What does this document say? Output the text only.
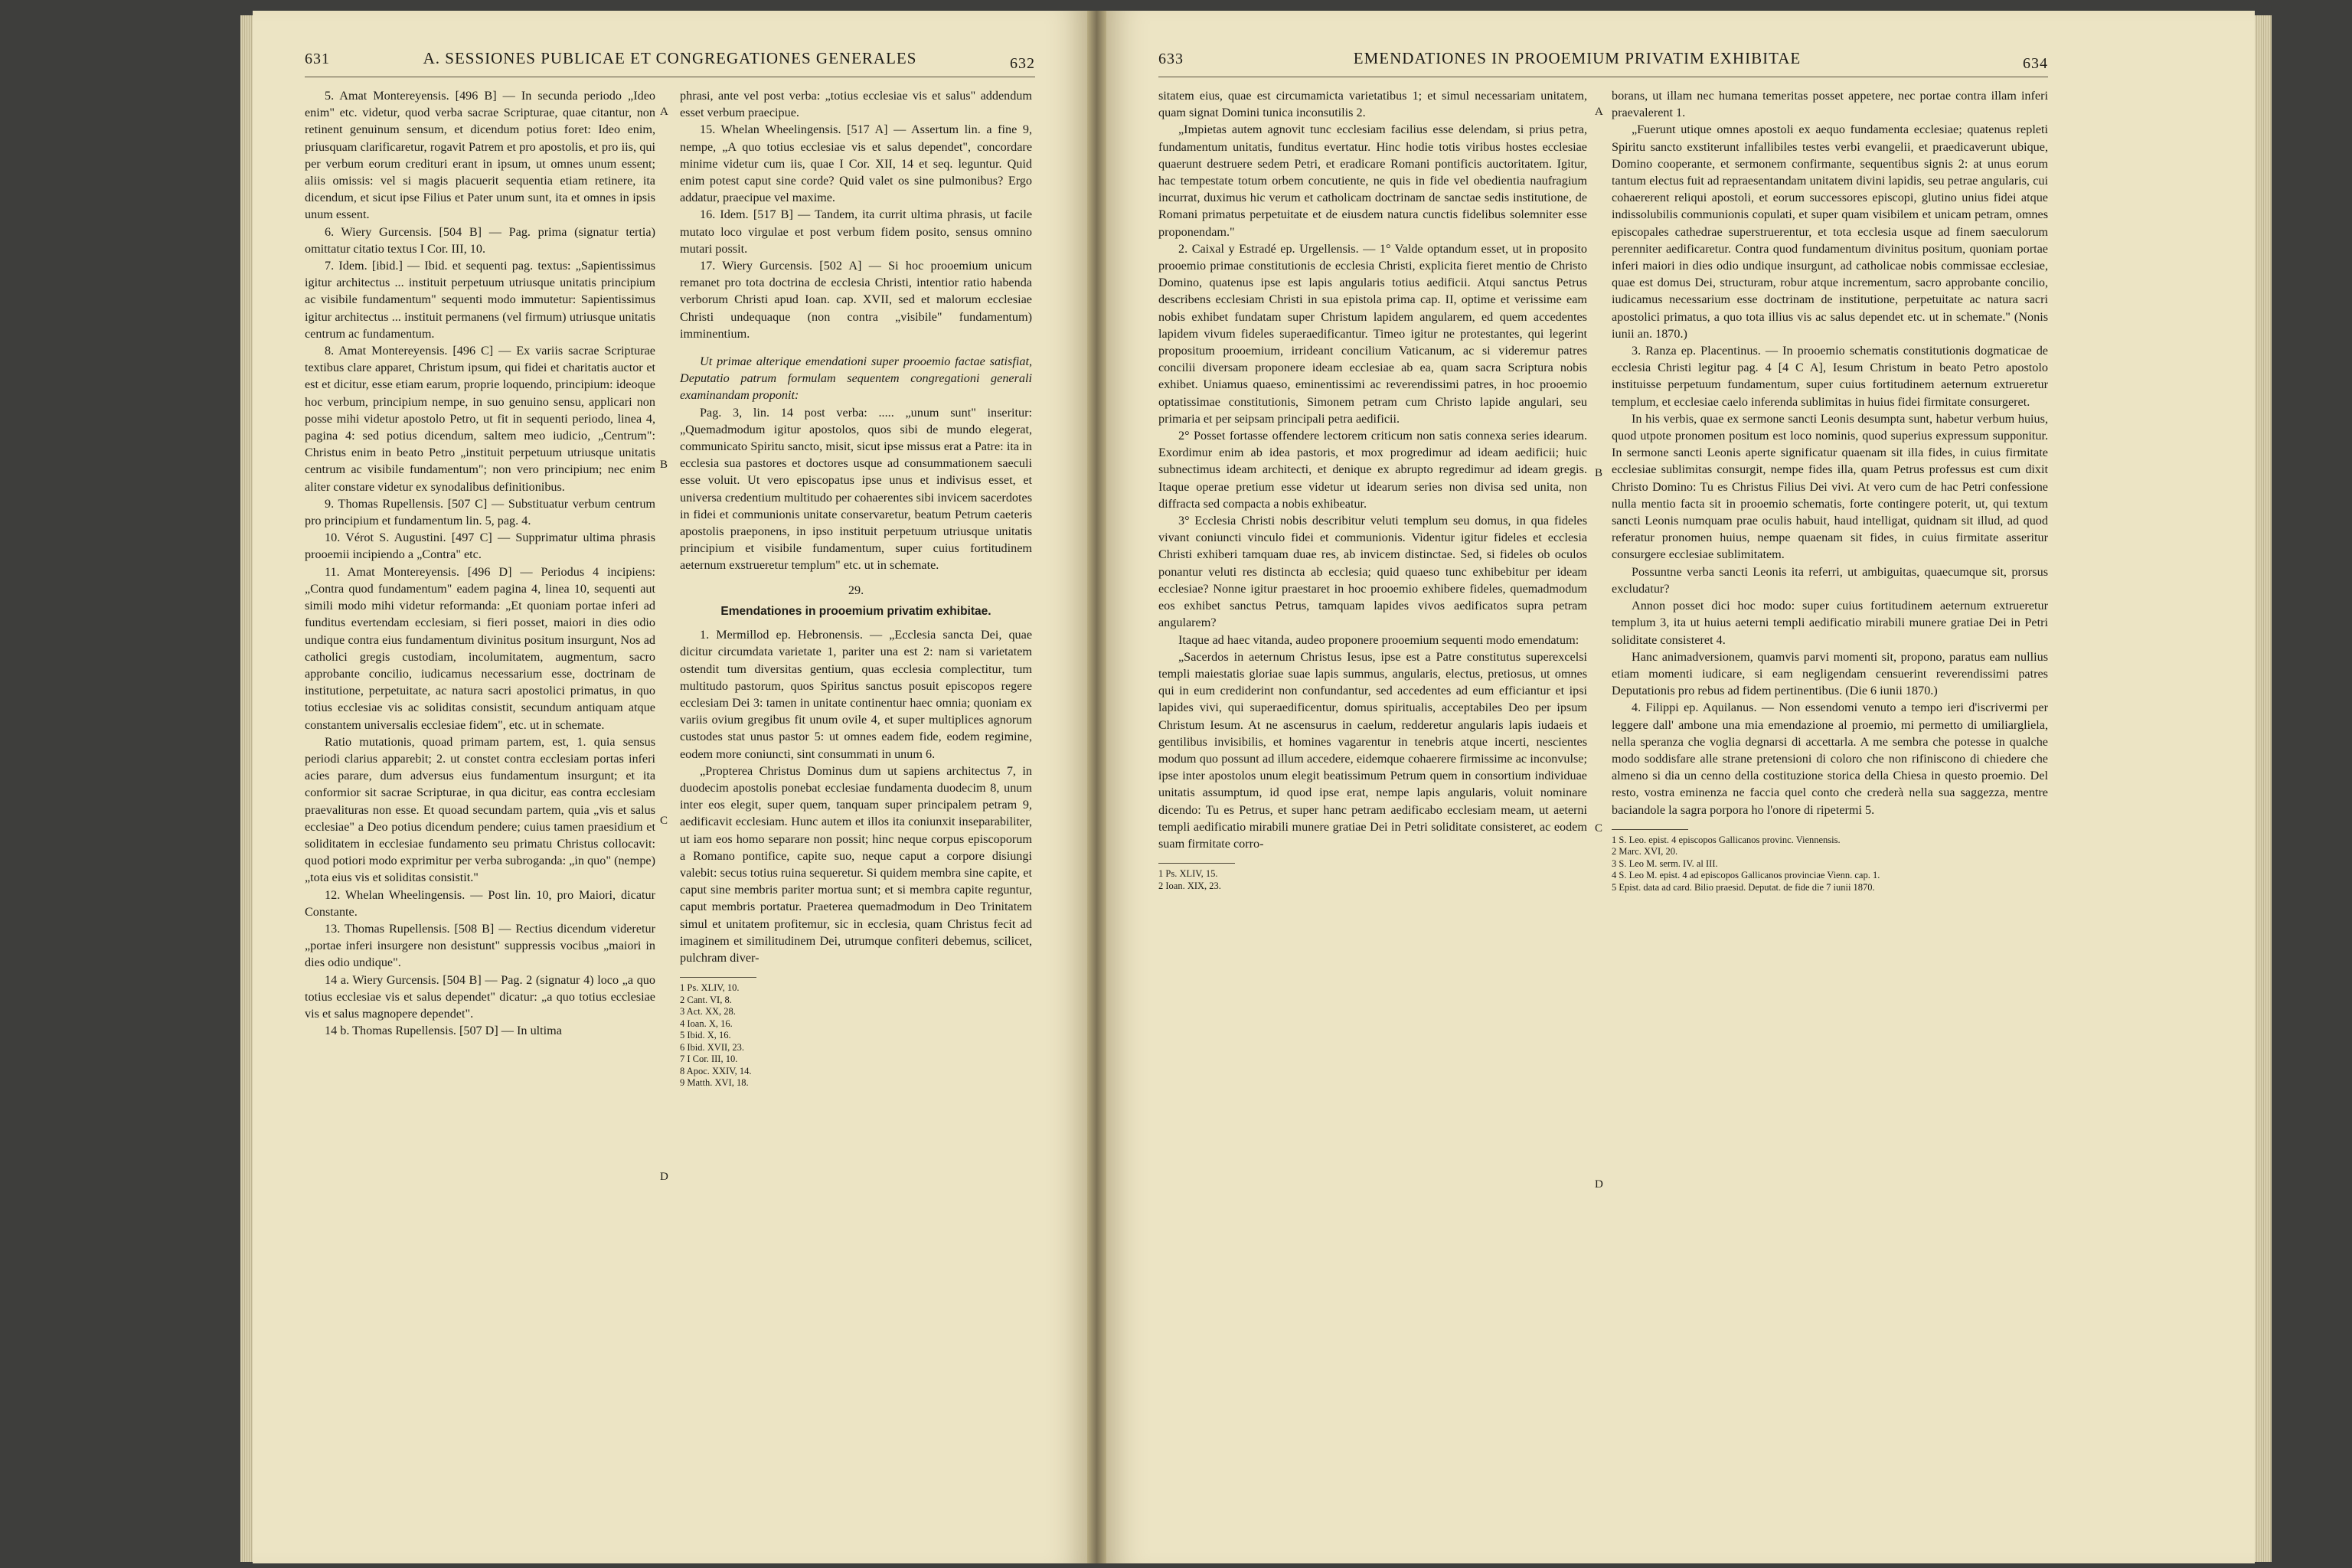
631	A. SESSIONES PUBLICAE ET CONGREGATIONES GENERALES	632

5. Amat Montereyensis. [496 B] — In secunda periodo „Ideo enim" etc. videtur, quod verba sacrae Scripturae, quae citantur, non retinent genuinum sensum, et dicendum potius foret: Ideo enim, priusquam clarificaretur, rogavit Patrem et pro apostolis, et pro iis, qui per verbum eorum credituri erant in ipsum, ut omnes unum essent; aliis omissis: vel si magis placuerit sequentia etiam retinere, ita dicendum, et sicut ipse Filius et Pater unum sunt, ita et omnes in ipsis unum essent.

6. Wiery Gurcensis. [504 B] — Pag. prima (signatur tertia) omittatur citatio textus I Cor. III, 10.

7. Idem. [ibid.] — Ibid. et sequenti pag. textus: „Sapientissimus igitur architectus ... instituit perpetuum utriusque unitatis principium ac visibile fundamentum" sequenti modo immutetur: Sapientissimus igitur architectus ... instituit permanens (vel firmum) utriusque unitatis centrum ac fundamentum.

8. Amat Montereyensis. [496 C] — Ex variis sacrae Scripturae textibus clare apparet, Christum ipsum, qui fidei et charitatis auctor et est et dicitur, esse etiam earum, proprie loquendo, principium: ideoque hoc verbum, principium nempe, in suo genuino sensu, applicari non posse mihi videtur apostolo Petro, ut fit in sequenti periodo, linea 4, pagina 4: sed potius dicendum, saltem meo iudicio, „Centrum": Christus enim in beato Petro „instituit perpetuum utriusque unitatis centrum ac visibile fundamentum"; non vero principium; nec enim aliter constare videtur ex synodalibus definitionibus.

9. Thomas Rupellensis. [507 C] — Substituatur verbum centrum pro principium et fundamentum lin. 5, pag. 4.

10. Vérot S. Augustini. [497 C] — Supprimatur ultima phrasis prooemii incipiendo a „Contra" etc.

11. Amat Montereyensis. [496 D] — Periodus 4 incipiens: „Contra quod fundamentum" eadem pagina 4, linea 10, sequenti aut simili modo mihi videtur reformanda: „Et quoniam portae inferi ad funditus evertendam ecclesiam, si fieri posset, maiori in dies odio undique contra eius fundamentum divinitus positum insurgunt, Nos ad catholici gregis custodiam, incolumitatem, augmentum, sacro approbante concilio, iudicamus necessarium esse, doctrinam de institutione, perpetuitate, ac natura sacri apostolici primatus, in quo totius ecclesiae vis ac soliditas consistit, secundum antiquam atque constantem universalis ecclesiae fidem", etc. ut in schemate.

Ratio mutationis, quoad primam partem, est, 1. quia sensus periodi clarius apparebit; 2. ut constet contra ecclesiam portas inferi acies parare, dum adversus eius fundamentum insurgunt; et ita conformior sit sacrae Scripturae, in qua dicitur, eas contra ecclesiam praevalituras non esse. Et quoad secundam partem, quia „vis et salus ecclesiae" a Deo potius dicendum pendere; cuius tamen praesidium et soliditatem in ecclesiae fundamento seu primatu Christus collocavit: quod potiori modo exprimitur per verba subroganda: „in quo" (nempe) „tota eius vis et soliditas consistit."

12. Whelan Wheelingensis. — Post lin. 10, pro Maiori, dicatur Constante.

13. Thomas Rupellensis. [508 B] — Rectius dicendum videretur „portae inferi insurgere non desistunt" suppressis vocibus „maiori in dies odio undique".

14 a. Wiery Gurcensis. [504 B] — Pag. 2 (signatur 4) loco „a quo totius ecclesiae vis et salus dependet" dicatur: „a quo totius ecclesiae vis et salus magnopere dependet".

14 b. Thomas Rupellensis. [507 D] — In ultima

phrasi, ante vel post verba: „totius ecclesiae vis et salus" addendum esset verbum praecipue.

15. Whelan Wheelingensis. [517 A] — Assertum lin. a fine 9, nempe, „A quo totius ecclesiae vis et salus dependet", concordare minime videtur cum iis, quae I Cor. XII, 14 et seq. leguntur. Quid enim potest caput sine corde? Quid valet os sine pulmonibus? Ergo addatur, praecipue vel maxime.

16. Idem. [517 B] — Tandem, ita currit ultima phrasis, ut facile mutato loco virgulae et post verbum fidem posito, sensus omnino mutari possit.

17. Wiery Gurcensis. [502 A] — Si hoc prooemium unicum remanet pro tota doctrina de ecclesia Christi, intentior ratio habenda verborum Christi apud Ioan. cap. XVII, sed et malorum ecclesiae Christi undequaque (non contra „visibile" fundamentum) imminentium.

Ut primae alterique emendationi super prooemio factae satisfiat, Deputatio patrum formulam sequentem congregationi generali examinandam proponit:

Pag. 3, lin. 14 post verba: ..... „unum sunt" inseritur: „Quemadmodum igitur apostolos, quos sibi de mundo elegerat, communicato Spiritu sancto, misit, sicut ipse missus erat a Patre: ita in ecclesia sua pastores et doctores usque ad consummationem saeculi esse voluit. Ut vero episcopatus ipse unus et indivisus esset, et universa credentium multitudo per cohaerentes sibi invicem sacerdotes in fidei et communionis unitate conservaretur, beatum Petrum caeteris apostolis praeponens, in ipso instituit perpetuum utriusque unitatis principium et visibile fundamentum, super cuius fortitudinem aeternum exstrueretur templum" etc. ut in schemate.

29.

Emendationes in prooemium privatim exhibitae.

1. Mermillod ep. Hebronensis. — „Ecclesia sancta Dei, quae dicitur circumdata varietate 1, pariter una est 2: nam si varietatem ostendit tum diversitas gentium, quas ecclesia complectitur, tum multitudo pastorum, quos Spiritus sanctus posuit episcopos regere ecclesiam Dei 3: tamen in unitate continentur haec omnia; quoniam ex variis ovium gregibus fit unum ovile 4, et super multiplices agnorum custodes stat unus pastor 5: ut omnes eadem fide, eodem regimine, eodem more coniuncti, sint consummati in unum 6.

„Propterea Christus Dominus dum ut sapiens architectus 7, in duodecim apostolis ponebat ecclesiae fundamenta duodecim 8, unum inter eos elegit, super quem, tanquam super principalem petram 9, aedificavit ecclesiam. Hunc autem et illos ita coniunxit inseparabiliter, ut iam eos homo separare non possit; hinc neque corpus episcoporum a Romano pontifice, capite suo, neque caput a corpore disiungi valebit: secus totius ruina sequeretur. Si quidem membra sine capite, et caput sine membris pariter mortua sunt; et si membra capite reguntur, caput membris portatur. Praeterea quemadmodum in Deo Trinitatem simul et unitatem profitemur, sic in ecclesia, quam Christus fecit ad imaginem et similitudinem Dei, utrumque confiteri debemus, scilicet, pulchram diver-

1 Ps. XLIV, 10.

2 Cant. VI, 8.

3 Act. XX, 28.

4 Ioan. X, 16.

5 Ibid. X, 16.

6 Ibid. XVII, 23.

7 I Cor. III, 10.

8 Apoc. XXIV, 14.

9 Matth. XVI, 18.

A
B
C
D
633	EMENDATIONES IN PROOEMIUM PRIVATIM EXHIBITAE	634

sitatem eius, quae est circumamicta varietatibus 1; et simul necessariam unitatem, quam signat Domini tunica inconsutilis 2.

„Impietas autem agnovit tunc ecclesiam facilius esse delendam, si prius petra, fundamentum unitatis, funditus evertatur. Hinc hodie totis viribus hostes ecclesiae quaerunt destruere sedem Petri, et eradicare Romani pontificis auctoritatem. Igitur, hac tempestate totum orbem concutiente, ne quis in fide vel obedientia naufragium incurrat, duximus hic verum et catholicam doctrinam de sanctae sedis institutione, de Romani primatus perpetuitate et de eiusdem natura cunctis fidelibus solemniter esse proponendam."

2. Caixal y Estradé ep. Urgellensis. — 1° Valde optandum esset, ut in proposito prooemio primae constitutionis de ecclesia Christi, explicita fieret mentio de Christo Domino, quatenus ipse est lapis angularis totius aedificii. Atqui sanctus Petrus describens ecclesiam Christi in sua epistola prima cap. II, optime et verissime eam nobis exhibet fundatam super Christum lapidem angularem, ed quem accedentes lapidem vivum fideles superaedificantur. Timeo igitur ne protestantes, qui legerint propositum prooemium, irrideant concilium Vaticanum, ac si videremur patres concilii diversam proponere ideam ecclesiae ab ea, quam sacra Scriptura nobis exhibet. Uniamus quaeso, eminentissimi ac reverendissimi patres, in hoc prooemio optatissimae constitutionis, Simonem petram cum Christo lapide angulari, seu primaria et per seipsam principali petra aedificii.

2° Posset fortasse offendere lectorem criticum non satis connexa series idearum. Exordimur enim ab idea pastoris, et mox progredimur ad ideam aedificii; huic subnectimus ideam architecti, et denique ex abrupto regredimur ad ideam gregis. Itaque operae pretium esse videtur ut idearum series non divisa sed unita, non diffracta sed compacta a nobis exhibeatur.

3° Ecclesia Christi nobis describitur veluti templum seu domus, in qua fideles vivant coniuncti vinculo fidei et communionis. Videntur igitur fideles et ecclesia Christi exhiberi tamquam duae res, ab invicem distinctae. Sed, si fideles ob oculos ponantur veluti res distincta ab ecclesia; quid quaeso tunc exhibebitur per ideam ecclesiae? Nonne igitur praestaret in hoc prooemio exhibere fideles, quemadmodum eos exhibet sanctus Petrus, tamquam lapides vivos aedificatos supra petram angularem?

Itaque ad haec vitanda, audeo proponere prooemium sequenti modo emendatum:

„Sacerdos in aeternum Christus Iesus, ipse est a Patre constitutus superexcelsi templi maiestatis gloriae suae lapis summus, angularis, electus, pretiosus, ut omnes qui in eum crediderint non confundantur, sed accedentes ad eum efficiantur et ipsi lapides vivi, qui superaedificentur, domus spiritualis, acceptabiles Deo per ipsum Christum Iesum. At ne ascensurus in caelum, redderetur angularis lapis iudaeis et gentilibus invisibilis, et homines vagarentur in tenebris atque incerti, nescientes modum quo possunt ad illum accedere, eidemque cohaerere firmissime ac inconvulse; ipse inter apostolos unum elegit beatissimum Petrum quem in consortium individuae unitatis assumptum, id quod ipse erat, nempe lapis angularis, voluit nominare dicendo: Tu es Petrus, et super hanc petram aedificabo ecclesiam meam, ut aeterni templi aedificatio mirabili munere gratiae Dei in Petri soliditate consisteret, ac eodem suam firmitate corro-

1 Ps. XLIV, 15.

2 Ioan. XIX, 23.

borans, ut illam nec humana temeritas posset appetere, nec portae contra illam inferi praevalerent 1.

„Fuerunt utique omnes apostoli ex aequo fundamenta ecclesiae; quatenus repleti Spiritu sancto exstiterunt infallibiles testes verbi evangelii, et praedicaverunt ubique, Domino cooperante, et sermonem confirmante, sequentibus signis 2: at unus eorum tantum electus fuit ad repraesentandam unitatem divini lapidis, seu petrae angularis, cui cohaererent reliqui apostoli, et eorum successores episcopi, glutino unius fidei atque indissolubilis communionis copulati, et super quam visibilem et unicam petram, omnes episcopales cathedrae superstruerentur, et tota ecclesia usque ad finem saeculorum perenniter aedificaretur. Contra quod fundamentum divinitus positum, quoniam portae inferi maiori in dies odio undique insurgunt, ad catholicae nobis commissae ecclesiae, quae est domus Dei, structuram, robur atque incrementum, sacro approbante concilio, iudicamus necessarium esse doctrinam de institutione, perpetuitate ac natura sacri apostolici primatus, a quo tota illius vis ac salus dependet etc. ut in schemate." (Nonis iunii an. 1870.)

3. Ranza ep. Placentinus. — In prooemio schematis constitutionis dogmaticae de ecclesia Christi legitur pag. 4 [4 C A], Iesum Christum in beato Petro apostolo instituisse perpetuum fundamentum, super cuius fortitudinem aeternum extrueretur templum, et ecclesiae caelo inferenda sublimitas in huius fidei firmitate consurgeret.

In his verbis, quae ex sermone sancti Leonis desumpta sunt, habetur verbum huius, quod utpote pronomen positum est loco nominis, quod superius expressum supponitur. In sermone sancti Leonis aperte significatur quaenam sit illa fides, in cuius firmitate ecclesiae sublimitas consurgit, nempe fides illa, quam Petrus professus est cum dixit Christo Domino: Tu es Christus Filius Dei vivi. At vero cum de hac Petri confessione nulla mentio facta sit in prooemio schematis, forte contingere poterit, ut, qui textum sancti Leonis numquam prae oculis habuit, haud intelligat, quidnam sit illud, ad quod referatur pronomen huius, nempe quaenam sit fides, in cuius firmitate asseritur consurgere ecclesiae sublimitatem.

Possuntne verba sancti Leonis ita referri, ut ambiguitas, quaecumque sit, prorsus excludatur?

Annon posset dici hoc modo: super cuius fortitudinem aeternum extrueretur templum 3, ita ut huius aeterni templi aedificatio mirabili munere gratiae Dei in Petri soliditate consisteret 4.

Hanc animadversionem, quamvis parvi momenti sit, propono, paratus eam nullius etiam momenti iudicare, si eam negligendam censuerint reverendissimi patres Deputationis pro rebus ad fidem pertinentibus. (Die 6 iunii 1870.)

4. Filippi ep. Aquilanus. — Non essendomi venuto a tempo ieri d'iscrivermi per leggere dall' ambone una mia emendazione al proemio, mi permetto di umiliargliela, nella speranza che voglia degnarsi di accettarla. A me sembra che potesse in qualche modo soddisfare alle strane pretensioni di coloro che non rifiniscono di chiedere che almeno si dia un cenno della costituzione storica della Chiesa in questo proemio. Del resto, vostra eminenza ne faccia quel conto che crederà nella sua saggezza, mentre baciandole la sagra porpora ho l'onore di ripetermi 5.

1 S. Leo. epist. 4 episcopos Gallicanos provinc. Viennensis.

2 Marc. XVI, 20.

3 S. Leo M. serm. IV. al III.

4 S. Leo M. epist. 4 ad episcopos Gallicanos provinciae Vienn. cap. 1.

5 Epist. data ad card. Bilio praesid. Deputat. de fide die 7 iunii 1870.

A
B
C
D
